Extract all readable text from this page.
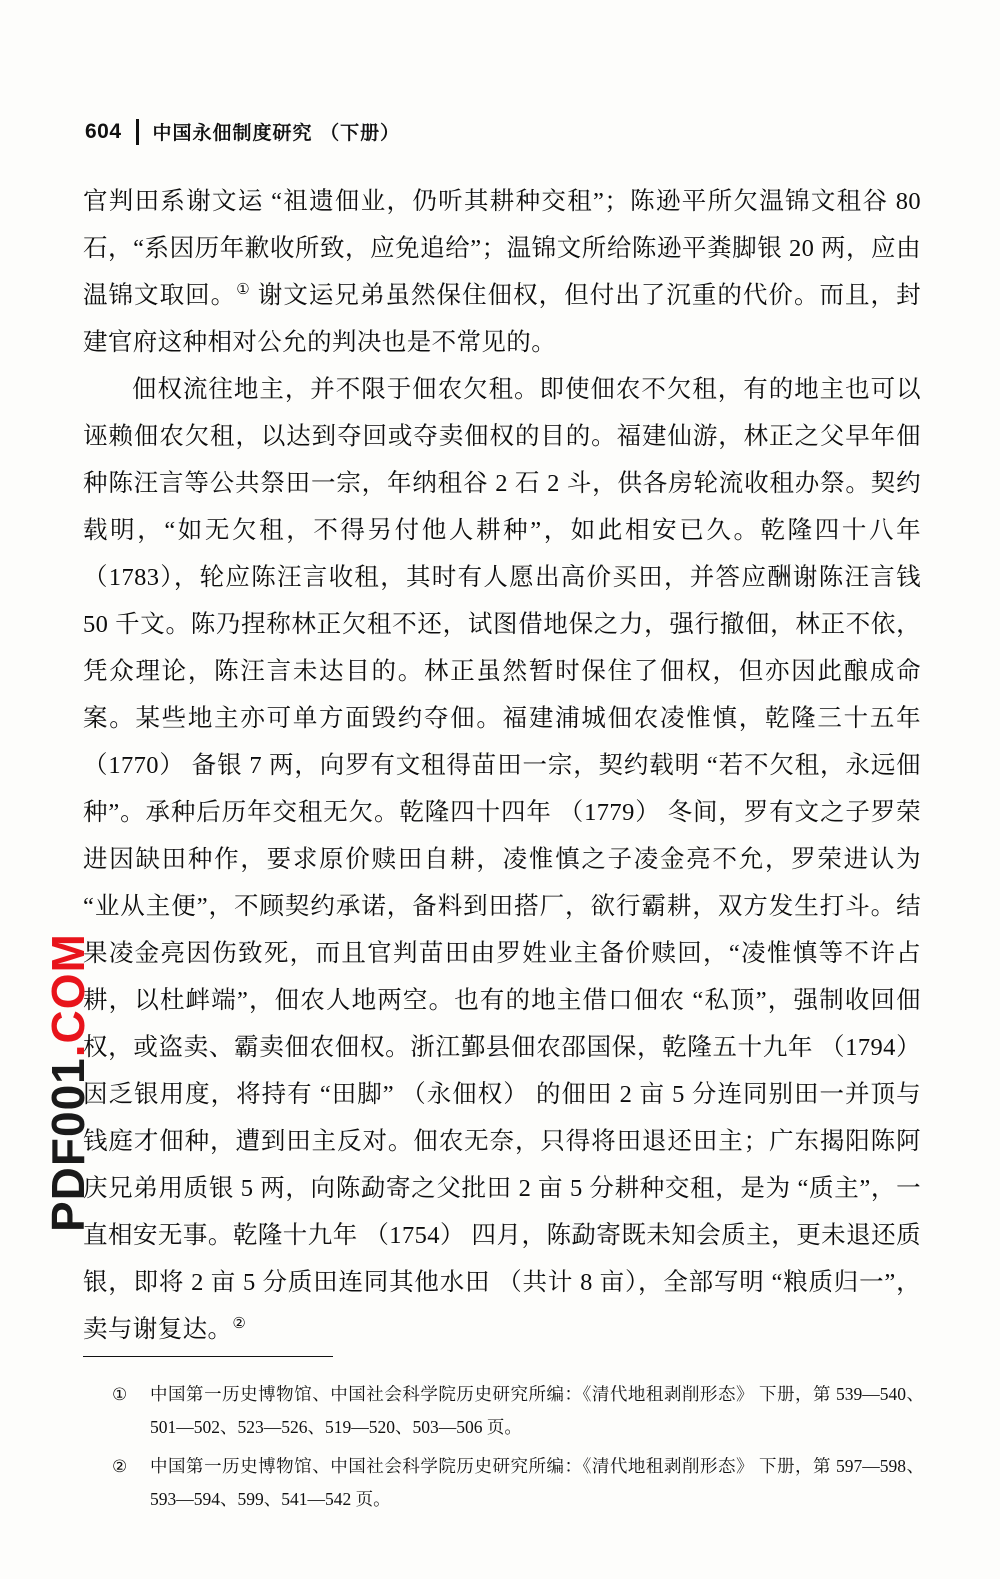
604 中国永佃制度研究 （下册）

官判田系谢文运 “祖遗佃业，仍听其耕种交租”；陈逊平所欠温锦文租谷 80 石，“系因历年歉收所致，应免追给”；温锦文所给陈逊平粪脚银 20 两，应由温锦文取回。① 谢文运兄弟虽然保住佃权，但付出了沉重的代价。而且，封建官府这种相对公允的判决也是不常见的。

佃权流往地主，并不限于佃农欠租。即使佃农不欠租，有的地主也可以诬赖佃农欠租，以达到夺回或夺卖佃权的目的。福建仙游，林正之父早年佃种陈汪言等公共祭田一宗，年纳租谷 2 石 2 斗，供各房轮流收租办祭。契约载明，“如无欠租，不得另付他人耕种”，如此相安已久。乾隆四十八年 （1783），轮应陈汪言收租，其时有人愿出高价买田，并答应酬谢陈汪言钱 50 千文。陈乃捏称林正欠租不还，试图借地保之力，强行撤佃，林正不依，凭众理论，陈汪言未达目的。林正虽然暂时保住了佃权，但亦因此酿成命案。某些地主亦可单方面毁约夺佃。福建浦城佃农凌惟慎，乾隆三十五年 （1770） 备银 7 两，向罗有文租得苗田一宗，契约载明 “若不欠租，永远佃种”。承种后历年交租无欠。乾隆四十四年 （1779） 冬间，罗有文之子罗荣进因缺田种作，要求原价赎田自耕，凌惟慎之子凌金亮不允，罗荣进认为 “业从主便”，不顾契约承诺，备料到田搭厂，欲行霸耕，双方发生打斗。结果凌金亮因伤致死，而且官判苗田由罗姓业主备价赎回，“凌惟慎等不许占耕，以杜衅端”，佃农人地两空。也有的地主借口佃农 “私顶”，强制收回佃权，或盗卖、霸卖佃农佃权。浙江鄞县佃农邵国保，乾隆五十九年 （1794） 因乏银用度，将持有 “田脚” （永佃权） 的佃田 2 亩 5 分连同别田一并顶与钱庭才佃种，遭到田主反对。佃农无奈，只得将田退还田主；广东揭阳陈阿庆兄弟用质银 5 两，向陈勐寄之父批田 2 亩 5 分耕种交租，是为 “质主”，一直相安无事。乾隆十九年 （1754） 四月，陈勐寄既未知会质主，更未退还质银，即将 2 亩 5 分质田连同其他水田 （共计 8 亩），全部写明 “粮质归一”，卖与谢复达。②

①	中国第一历史博物馆、中国社会科学院历史研究所编：《清代地租剥削形态》 下册，第 539—540、501—502、523—526、519—520、503—506 页。
②	中国第一历史博物馆、中国社会科学院历史研究所编：《清代地租剥削形态》 下册，第 597—598、593—594、599、541—542 页。
PDF001.COM
